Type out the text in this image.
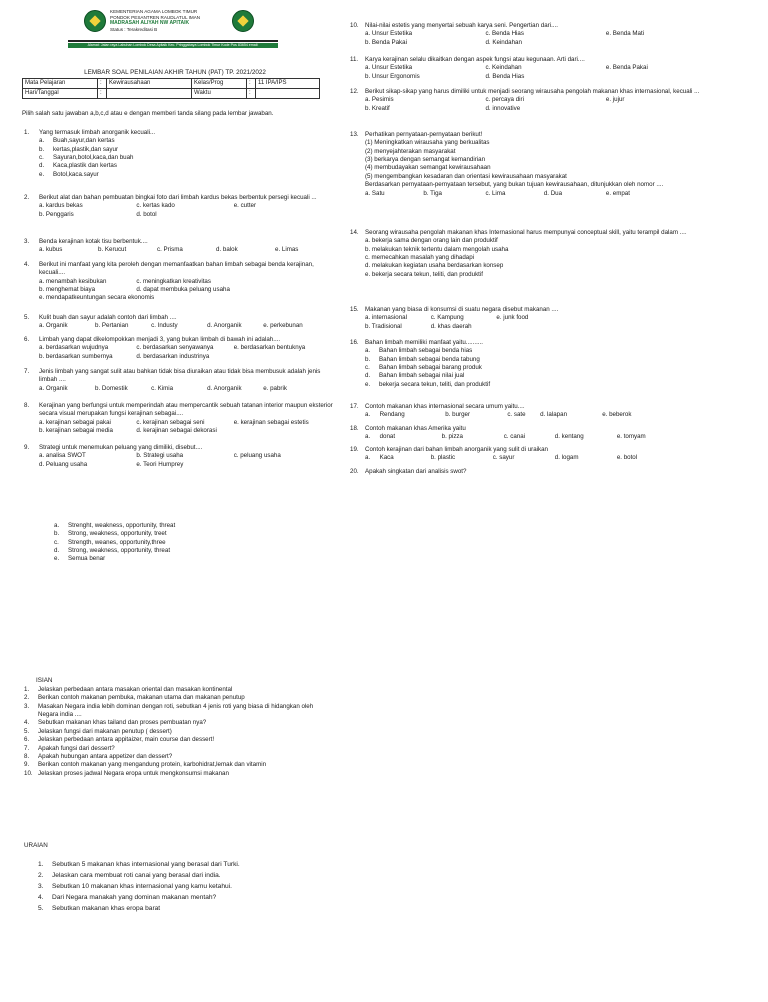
KEMENTERIAN AGAMA LOMBOK TIMUR
PONDOK PESANTREN RAUDLATUL IMAN
MADRASAH ALIYAH NW APITAIK
Status : Terakreditasi B
Alamat: Jalan raya Labuhan Lombok Desa Apitaik Kec. Pringgabaya Lombok Timur Kode Pos 83654 email: manwapitaik@gmail.com
LEMBAR SOAL PENILAIAN AKHIR TAHUN (PAT) TP. 2021/2022
Mata Pelajaran	:	Kewirausahaan	Kelas/Prog	:	11 IPA/IPS
Hari/Tanggal	:		Waktu	:	
Pilih salah satu jawaban a,b,c,d atau e dengan memberi tanda silang pada lembar jawaban.
1.	Yang termasuk limbah anorganik kecuali...
a. Buah,sayur,dan kertas
b. kertas,plastik,dan sayur
c. Sayuran,botol,kaca,dan buah
d. Kaca,plastik dan kertas
e. Botol,kaca.sayur
2.	Berikut alat dan bahan pembuatan bingkai foto dari limbah kardus bekas berbentuk persegi kecuali ...
a. kardus bekas	c. kertas kado	e. cutter
b. Penggaris	d. botol
3.	Benda kerajinan kotak tisu berbentuk....
a. kubus	b. Kerucut	c. Prisma	d. balok	e. Limas
4.	Berikut ini manfaat yang kita peroleh dengan memanfaatkan bahan limbah sebagai benda kerajinan, kecuali....
a. menambah kesibukan	c. meningkatkan kreativitas
b. menghemat biaya	d. dapat membuka peluang usaha
e. mendapatkeuntungan secara ekonomis
5.	Kulit buah dan sayur adalah contoh dari limbah ....
a. Organik	b. Pertanian	c. Industy	d. Anorganik	e. perkebunan
6.	Limbah yang dapat dikelompokkan menjadi 3, yang bukan limbah di bawah ini adalah....
a. berdasarkan wujudnya	c. berdasarkan senyawanya	e. berdasarkan bentuknya
b. berdasarkan sumbernya	d. berdasarkan industrinya
7.	Jenis limbah yang sangat sulit atau bahkan tidak bisa diuraikan atau tidak bisa membusuk adalah jenis limbah ....
a. Organik	b. Domestik	c. Kimia	d. Anorganik	e. pabrik
8.	Kerajinan yang berfungsi untuk memperindah atau mempercantik sebuah tatanan interior maupun eksterior secara visual merupakan fungsi kerajinan sebagai....
a. kerajinan sebagai pakai	c. kerajinan sebagai seni	e. kerajinan sebagai estetis
b. kerajinan sebagai media	d. kerajinan sebagai dekorasi
9.	Strategi untuk menemukan peluang yang dimiliki, disebut....
a. analisa SWOT	b. Strategi usaha	c. peluang usaha
d. Peluang usaha	e. Teori Humprey
a. Strenght, weakness, opportunity, threat
b. Strong, weakness, opportunity, treet
c. Strength, weanes, opportunity,three
d. Strong, weakness, opportunity, threat
e. Semua benar
10.	Nilai-nilai estetis yang menyertai sebuah karya seni. Pengertian dari....
a. Unsur Estetika	c. Benda Hias	e. Benda Mati
b. Benda Pakai	d. Keindahan
11.	Karya kerajinan selalu dikaitkan dengan aspek fungsi atau kegunaan. Arti dari....
a. Unsur Estetika	c. Keindahan	e. Benda Pakai
b. Unsur Ergonomis	d. Benda Hias
12.	Berikut sikap-sikap yang harus dimiliki untuk menjadi seorang wirausaha pengolah makanan khas internasional, kecuali ...
a. Pesimis	c. percaya diri	e. jujur
b. Kreatif	d. innovative
13.	Perhatikan pernyataan-pernyataan berikut!
(1) Meningkatkan wirausaha yang berkualitas
(2) menyejahterakan masyarakat
(3) berkarya dengan semangat kemandirian
(4) membudayakan semangat kewirausahaan
(5) mengembangkan kesadaran dan orientasi kewirausahaan masyarakat
Berdasarkan pernyataan-pernyataan tersebut, yang bukan tujuan kewirausahaan, ditunjukkan oleh nomor ....
a. Satu	b. Tiga	c. Lima	d. Dua	e. empat
14.	Seorang wirausaha pengolah makanan khas Internasional harus mempunyai conceptual skill, yaitu terampil dalam ....
a. bekerja sama dengan orang lain dan produktif
b. melakukan teknik tertentu dalam mengolah usaha
c. memecahkan masalah yang dihadapi
d. melakukan kegiatan usaha berdasarkan konsep
e. bekerja secara tekun, teliti, dan produktif
15.	Makanan yang biasa di konsumsi di suatu negara disebut makanan ....
a. internasional	c. Kampung	e. junk food
b. Tradisional	d. khas daerah
16.	Bahan limbah memiliki manfaat yaitu..........
a. Bahan limbah sebagai benda hias
b. Bahan limbah sebagai benda tabung
c. Bahan limbah sebagai barang produk
d. Bahan limbah sebagai nilai jual
e. bekerja secara tekun, teliti, dan produktif
17.	Contoh makanan khas internasional secara umum yaitu....
a.	Rendang	b. burger	c. sate	d. lalapan	e. beberok
18.	Contoh makanan khas Amerika yaitu
a.	donat	b. pizza	c. canai	d. kentang	e. tomyam
19.	Contoh kerajinan dari bahan limbah anorganik yang sulit di uraikan
a.	Kaca	b. plastic	c. sayur	d. logam	e. botol
20.	Apakah singkatan dari analisis swot?
ISIAN
1. Jelaskan perbedaan antara masakan oriental dan masakan kontinental
2. Berikan contoh makanan pembuka, makanan utama dan makanan penutup
3. Masakan Negara india lebih dominan dengan roti, sebutkan 4 jenis roti yang biasa di hidangkan oleh Negara india ....
4. Sebutkan makanan khas tailand dan proses pembuatan nya?
5. Jelaskan fungsi dari makanan penutup ( dessert)
6. Jelaskan perbedaan antara appitaizer, main course dan dessert!
7. Apakah fungsi dari dessert?
8. Apakah hubungan antara appetizer dan dessert?
9. Berikan contoh makanan yang mengandung protein, karbohidrat,lemak dan vitamin
10. Jelaskan proses jadwal Negara eropa untuk mengkonsumsi makanan
URAIAN
1. Sebutkan 5 makanan khas internasional yang berasal dari Turki.
2. Jelaskan cara membuat roti canai yang berasal dari india.
3. Sebutkan 10 makanan khas internasional yang kamu ketahui.
4. Dari Negara manakah yang dominan makanan mentah?
5. Sebutkan makanan khas eropa barat
